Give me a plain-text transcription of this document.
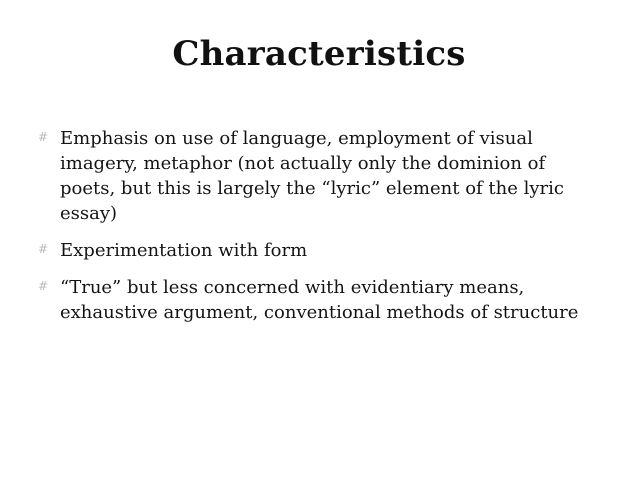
Characteristics
# Emphasis on use of language, employment of visual imagery, metaphor (not actually only the dominion of poets, but this is largely the “lyric” element of the lyric essay)
# Experimentation with form
# “True” but less concerned with evidentiary means, exhaustive argument, conventional methods of structure
